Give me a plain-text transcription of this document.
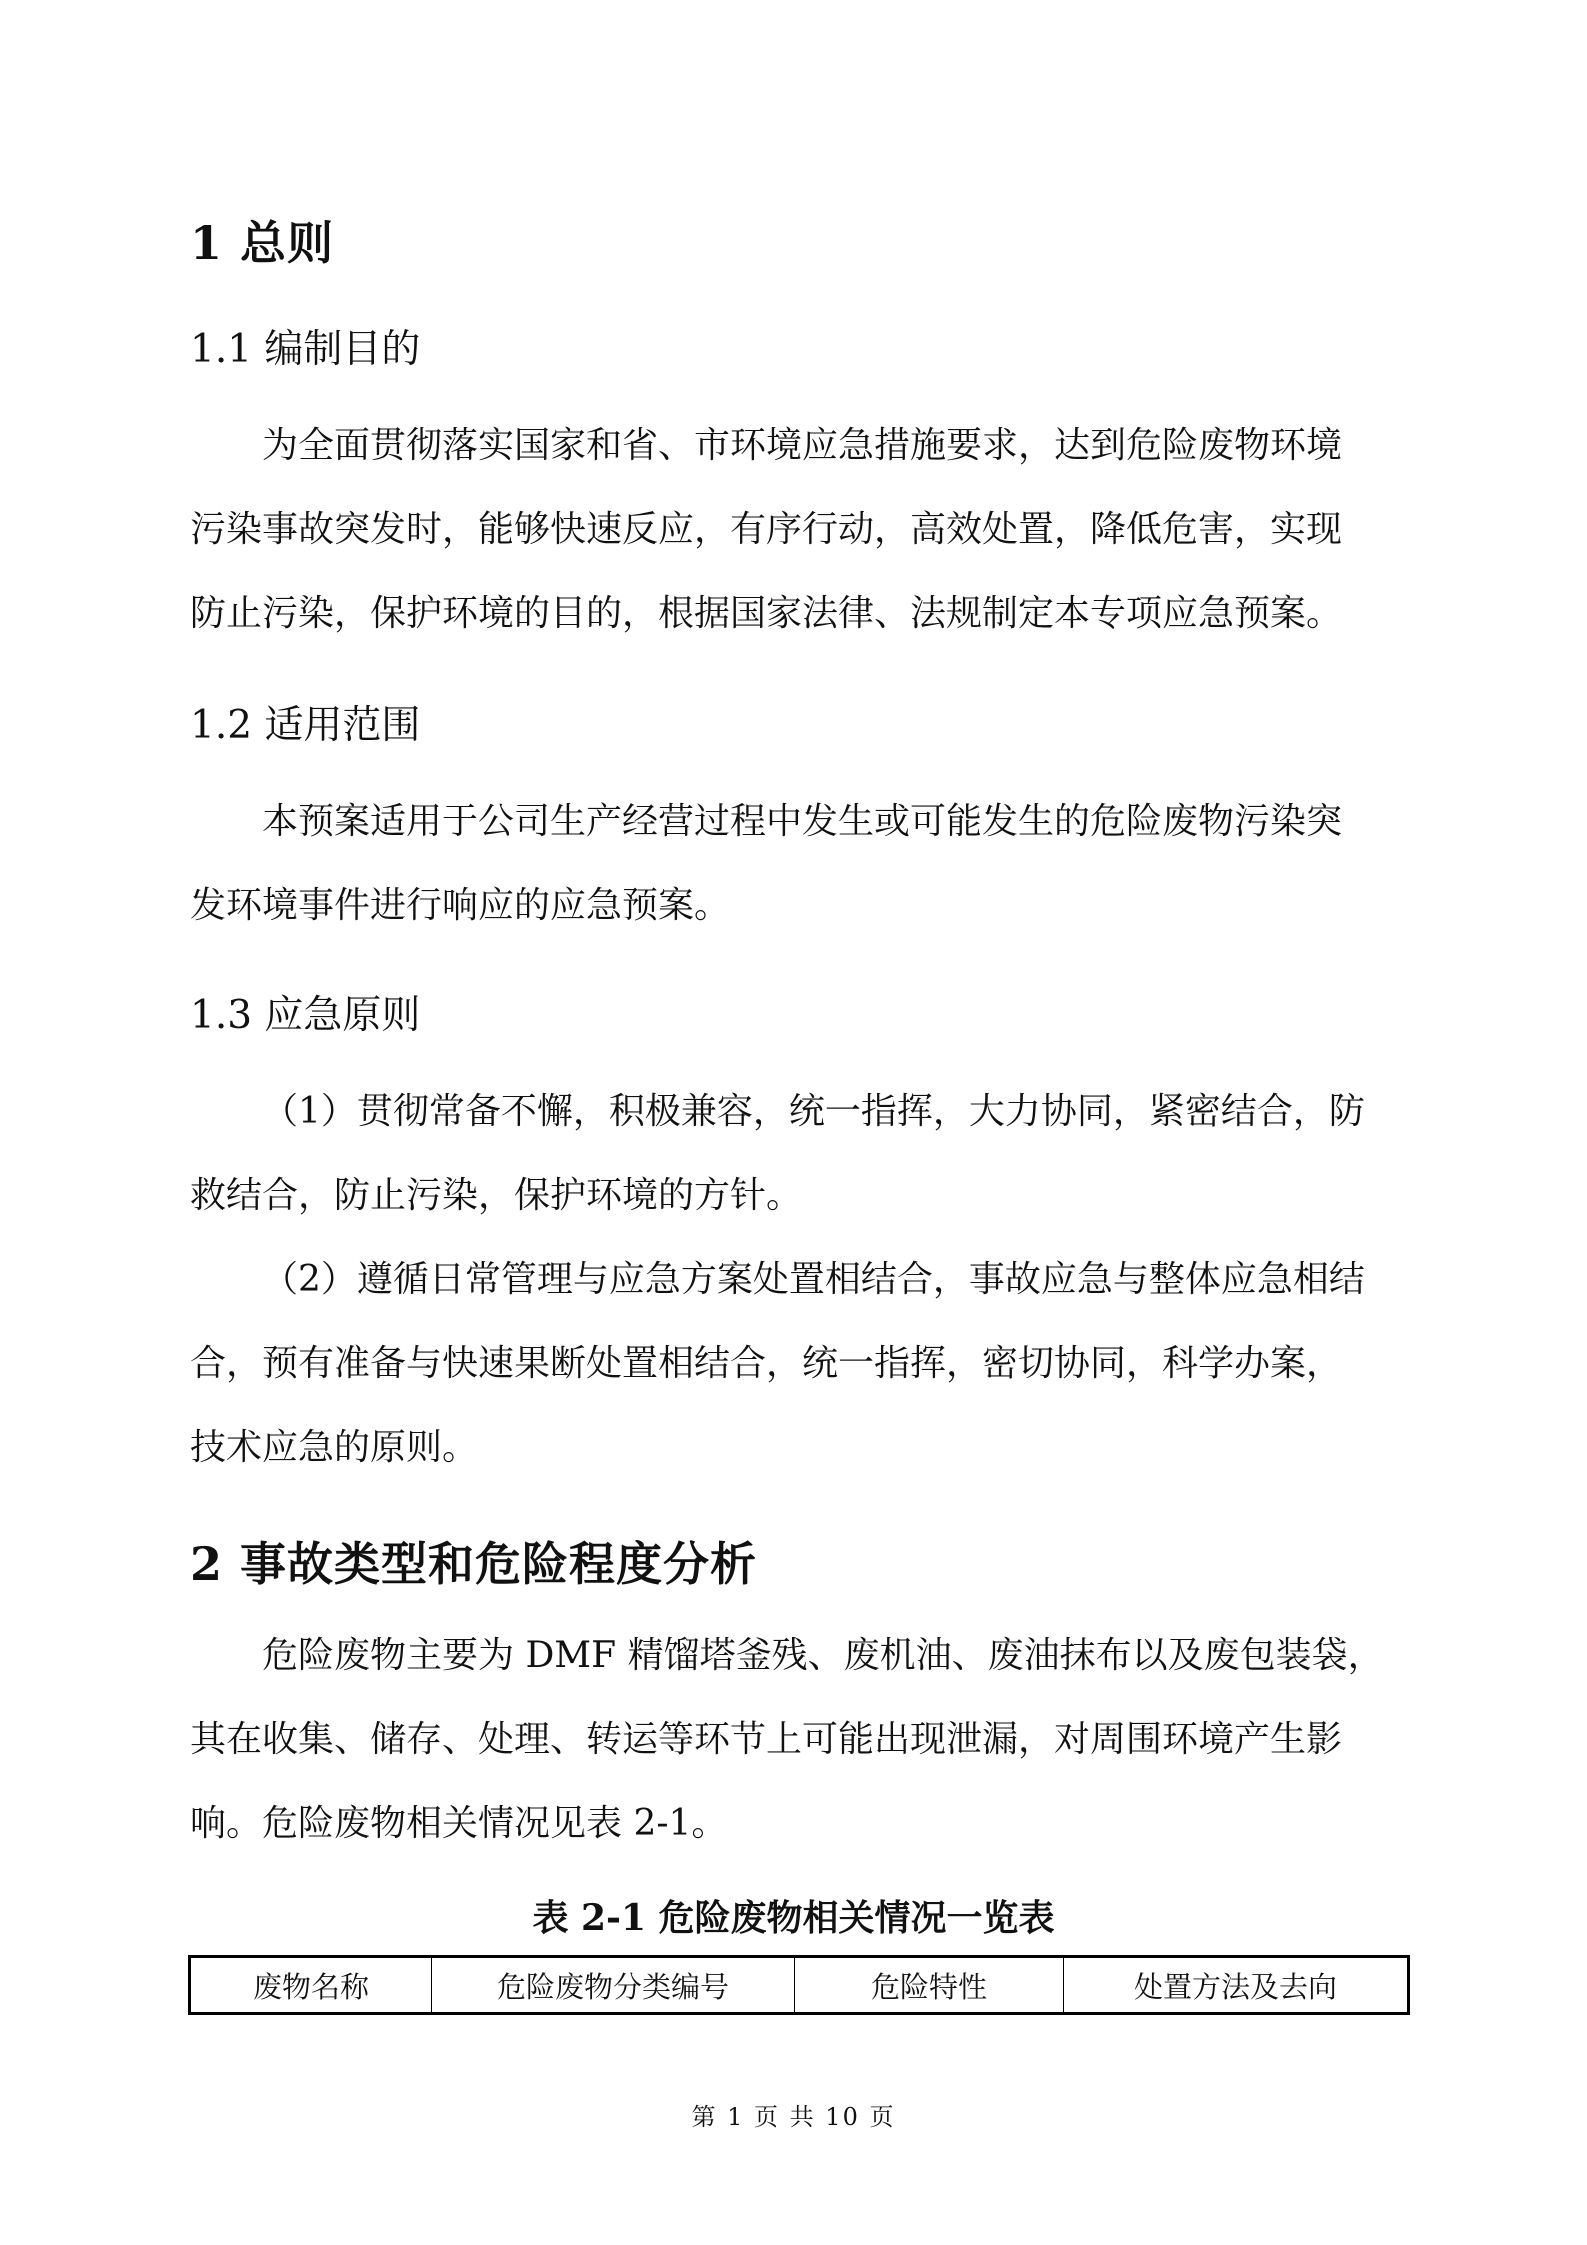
1 总则
1.1 编制目的
为全面贯彻落实国家和省、市环境应急措施要求，达到危险废物环境
污染事故突发时，能够快速反应，有序行动，高效处置，降低危害，实现
防止污染，保护环境的目的，根据国家法律、法规制定本专项应急预案。
1.2 适用范围
本预案适用于公司生产经营过程中发生或可能发生的危险废物污染突
发环境事件进行响应的应急预案。
1.3 应急原则
（1）贯彻常备不懈，积极兼容，统一指挥，大力协同，紧密结合，防
救结合，防止污染，保护环境的方针。
（2）遵循日常管理与应急方案处置相结合，事故应急与整体应急相结
合，预有准备与快速果断处置相结合，统一指挥，密切协同，科学办案，
技术应急的原则。
2 事故类型和危险程度分析
危险废物主要为 DMF 精馏塔釜残、废机油、废油抹布以及废包装袋，
其在收集、储存、处理、转运等环节上可能出现泄漏，对周围环境产生影
响。危险废物相关情况见表 2-1。
表 2-1 危险废物相关情况一览表
废物名称	危险废物分类编号	危险特性	处置方法及去向
第 1 页 共 10 页
